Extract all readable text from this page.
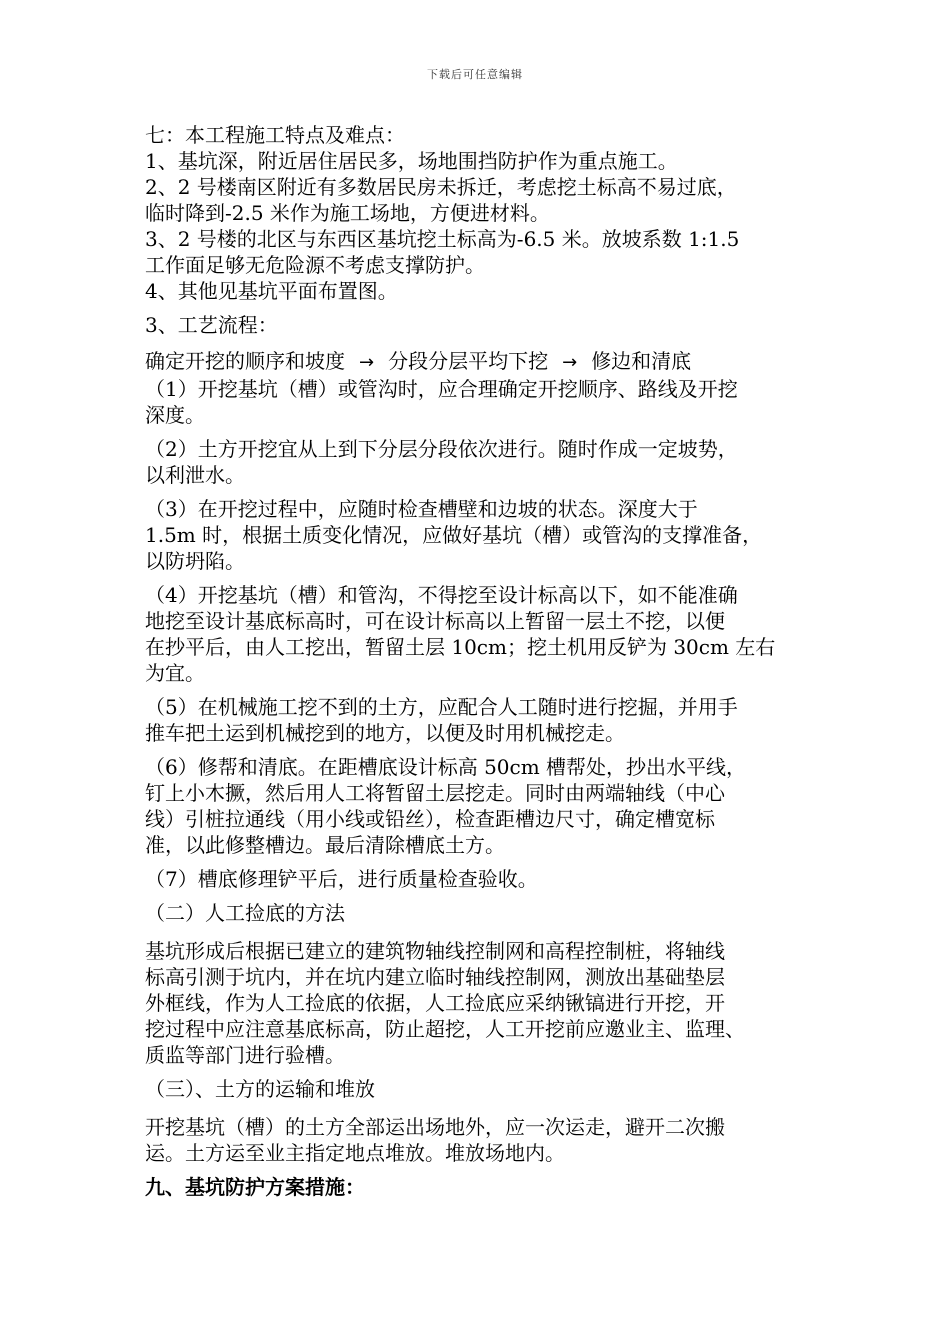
下载后可任意编辑

七：本工程施工特点及难点：

1、基坑深，附近居住居民多，场地围挡防护作为重点施工。

2、2 号楼南区附近有多数居民房未拆迁，考虑挖土标高不易过底，

临时降到-2.5 米作为施工场地，方便进材料。

3、2 号楼的北区与东西区基坑挖土标高为-6.5 米。放坡系数 1:1.5

工作面足够无危险源不考虑支撑防护。

4、其他见基坑平面布置图。

3、工艺流程：

确定开挖的顺序和坡度 → 分段分层平均下挖 → 修边和清底

（1）开挖基坑（槽）或管沟时，应合理确定开挖顺序、路线及开挖

深度。

（2）土方开挖宜从上到下分层分段依次进行。随时作成一定坡势，

以利泄水。

（3）在开挖过程中，应随时检查槽壁和边坡的状态。深度大于

1.5m 时，根据土质变化情况，应做好基坑（槽）或管沟的支撑准备，

以防坍陷。

（4）开挖基坑（槽）和管沟，不得挖至设计标高以下，如不能准确

地挖至设计基底标高时，可在设计标高以上暂留一层土不挖，以便

在抄平后，由人工挖出，暂留土层 10cm；挖土机用反铲为 30cm 左右

为宜。

（5）在机械施工挖不到的土方，应配合人工随时进行挖掘，并用手

推车把土运到机械挖到的地方，以便及时用机械挖走。

（6）修帮和清底。在距槽底设计标高 50cm 槽帮处，抄出水平线，

钉上小木撅，然后用人工将暂留土层挖走。同时由两端轴线（中心

线）引桩拉通线（用小线或铅丝），检查距槽边尺寸，确定槽宽标

准，以此修整槽边。最后清除槽底土方。

（7）槽底修理铲平后，进行质量检查验收。

（二）人工捡底的方法

基坑形成后根据已建立的建筑物轴线控制网和高程控制桩，将轴线

标高引测于坑内，并在坑内建立临时轴线控制网，测放出基础垫层

外框线，作为人工捡底的依据，人工捡底应采纳锹镐进行开挖，开

挖过程中应注意基底标高，防止超挖，人工开挖前应邀业主、监理、

质监等部门进行验槽。

（三）、土方的运输和堆放

开挖基坑（槽）的土方全部运出场地外，应一次运走，避开二次搬

运。土方运至业主指定地点堆放。堆放场地内。

九、基坑防护方案措施：
